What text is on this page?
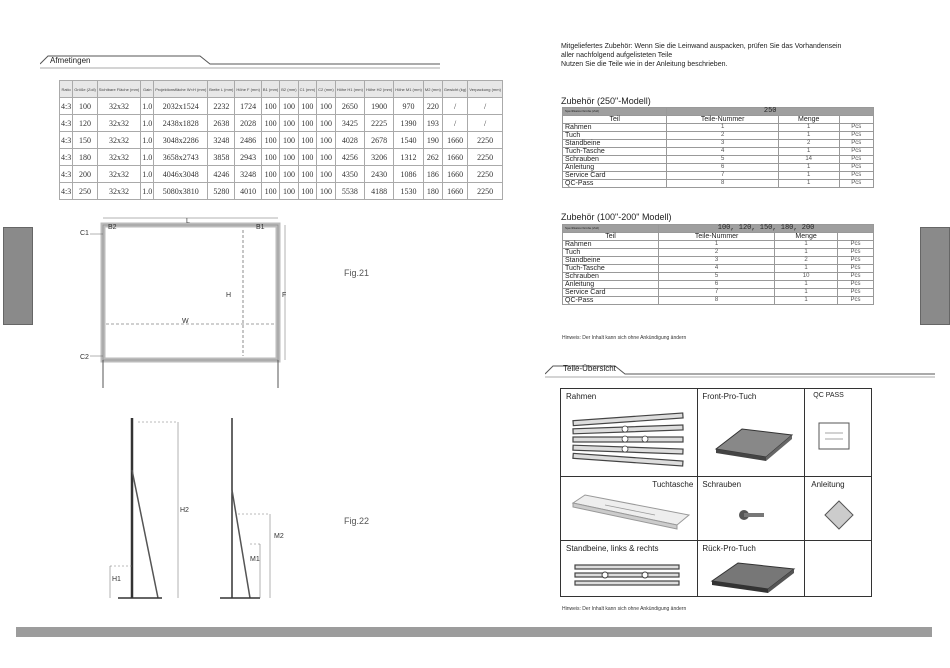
Afmetingen
Ratio	Größe (Zoll)	Sichtbare Fläche (mm)	Gain	Projektionsfläche W×H (mm)	Breite L (mm)	Höhe F (mm)	B1 (mm)	B2 (mm)	C1 (mm)	C2 (mm)	Höhe H1 (mm)	Höhe H2 (mm)	Höhe M1 (mm)	M2 (mm)	Gewicht (kg)	Verpackung (mm)
4:3	100	32x32	1.0	2032x1524	2232	1724	100	100	100	100	2650	1900	970	220	/	/
4:3	120	32x32	1.0	2438x1828	2638	2028	100	100	100	100	3425	2225	1390	193	/	/
4:3	150	32x32	1.0	3048x2286	3248	2486	100	100	100	100	4028	2678	1540	190	1660	2250
4:3	180	32x32	1.0	3658x2743	3858	2943	100	100	100	100	4256	3206	1312	262	1660	2250
4:3	200	32x32	1.0	4046x3048	4246	3248	100	100	100	100	4350	2430	1086	186	1660	2250
4:3	250	32x32	1.0	5080x3810	5280	4010	100	100	100	100	5538	4188	1530	180	1660	2250
B2
L
B1
C1
H	F
W
C2
Fig.21
H2
H1
M2
M1
Fig.22
Mitgeliefertes Zubehör: Wenn Sie die Leinwand auspacken, prüfen Sie das Vorhandensein
aller nachfolgend aufgelisteten Teile
Nutzen Sie die Teile wie in der Anleitung beschrieben.
Zubehör (250"-Modell)
Spezifikation/Größe (Zoll)	250		
Teil	Teile-Nummer	Menge	
Rahmen	1	1	Pcs
Tuch	2	1	Pcs
Standbeine	3	2	Pcs
Tuch-Tasche	4	1	Pcs
Schrauben	5	14	Pcs
Anleitung	6	1	Pcs
Service Card	7	1	Pcs
QC-Pass	8	1	Pcs
Zubehör (100"-200" Modell)
Spezifikation/Größe (Zoll)	100, 120, 150, 180, 200		
Teil	Teile-Nummer	Menge	
Rahmen	1	1	Pcs
Tuch	2	1	Pcs
Standbeine	3	2	Pcs
Tuch-Tasche	4	1	Pcs
Schrauben	5	10	Pcs
Anleitung	6	1	Pcs
Service Card	7	1	Pcs
QC-Pass	8	1	Pcs
Hinweis: Der Inhalt kann sich ohne Ankündigung ändern
Teile-Übersicht
Rahmen	Front-Pro-Tuch	QC PASS

Tuchtasche	Schrauben	Anleitung

Standbeine, links & rechts	Rück-Pro-Tuch	

Hinweis: Der Inhalt kann sich ohne Ankündigung ändern
